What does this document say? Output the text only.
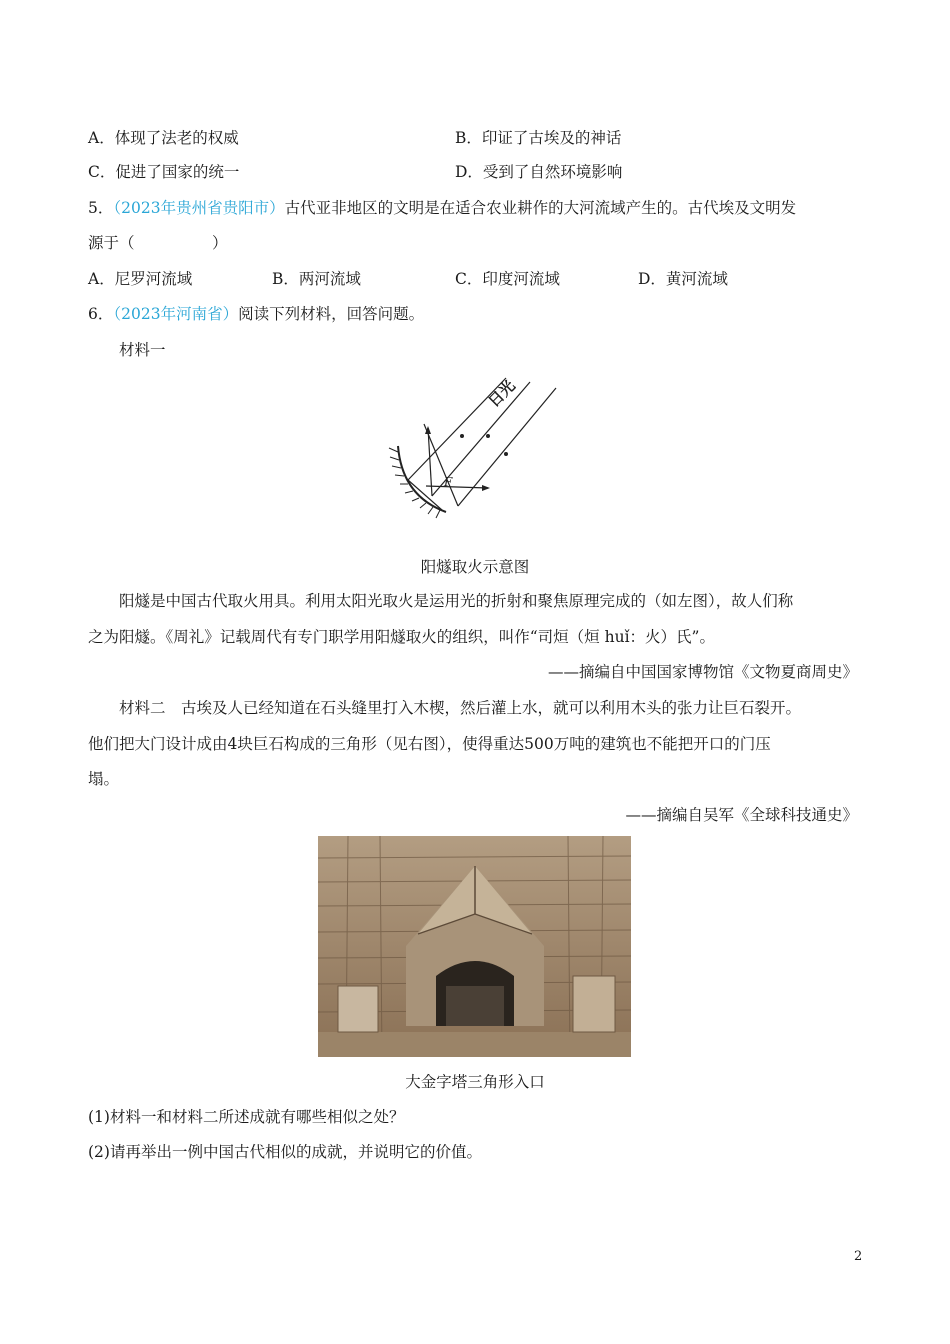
A．体现了法老的权威	B．印证了古埃及的神话
C．促进了国家的统一	D．受到了自然环境影响
5．（2023年贵州省贵阳市）古代亚非地区的文明是在适合农业耕作的大河流域产生的。古代埃及文明发
源于（　　　　　）
A．尼罗河流域	B．两河流域	C．印度河流域	D．黄河流域
6．（2023年河南省）阅读下列材料，回答问题。
材料一
日光
F
阳燧取火示意图
阳燧是中国古代取火用具。利用太阳光取火是运用光的折射和聚焦原理完成的（如左图），故人们称
之为阳燧。《周礼》记载周代有专门职学用阳燧取火的组织，叫作“司烜（烜 huǐ：火）氏”。
——摘编自中国国家博物馆《文物夏商周史》
材料二　古埃及人已经知道在石头缝里打入木楔，然后灌上水，就可以利用木头的张力让巨石裂开。
他们把大门设计成由4块巨石构成的三角形（见右图），使得重达500万吨的建筑也不能把开口的门压
塌。
——摘编自吴军《全球科技通史》
大金字塔三角形入口
(1)材料一和材料二所述成就有哪些相似之处？
(2)请再举出一例中国古代相似的成就，并说明它的价值。
2
